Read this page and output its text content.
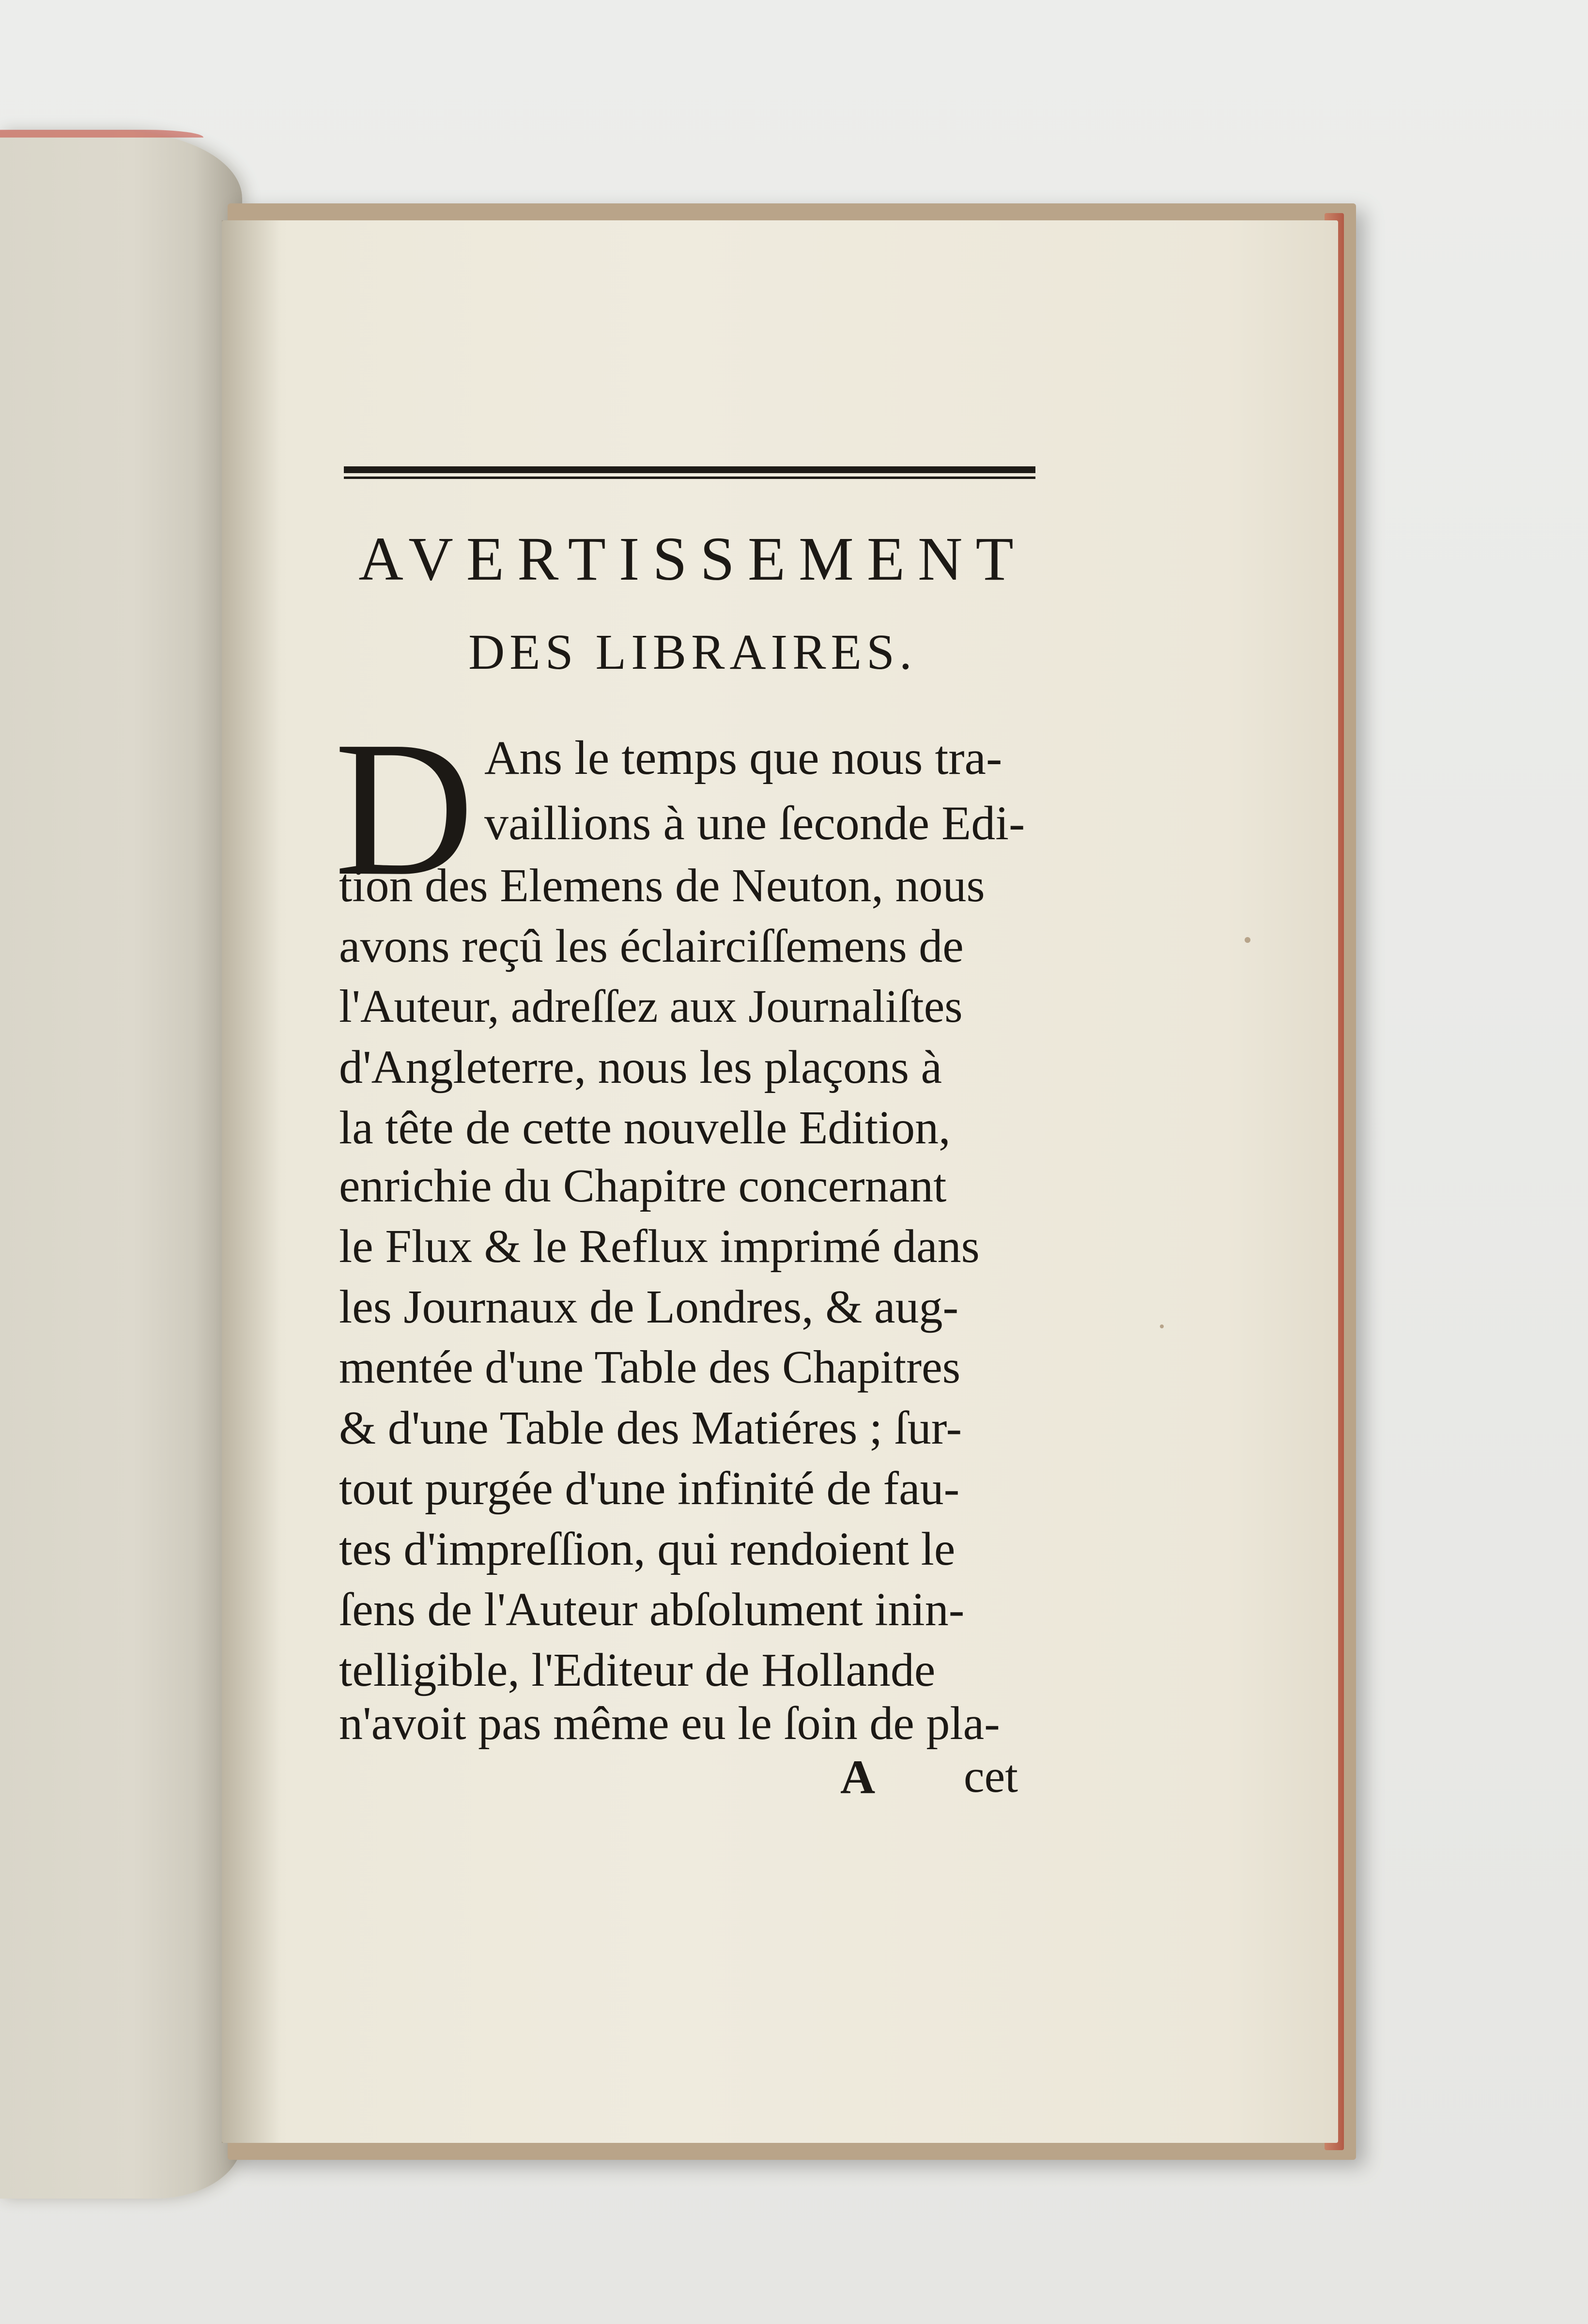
AVERTISSEMENT
DES LIBRAIRES.
D Ans le temps que nous tra-
vaillions à une ſeconde Edi-
tion des Elemens de Neuton, nous
avons reçû les éclairciſſemens de
l'Auteur, adreſſez aux Journaliſtes
d'Angleterre, nous les plaçons à
la tête de cette nouvelle Edition,
enrichie du Chapitre concernant
le Flux & le Reflux imprimé dans
les Journaux de Londres, & aug-
mentée d'une Table des Chapitres
& d'une Table des Matiéres ; ſur-
tout purgée d'une infinité de fau-
tes d'impreſſion, qui rendoient le
ſens de l'Auteur abſolument inin-
telligible, l'Editeur de Hollande
n'avoit pas même eu le ſoin de pla-
A cet
